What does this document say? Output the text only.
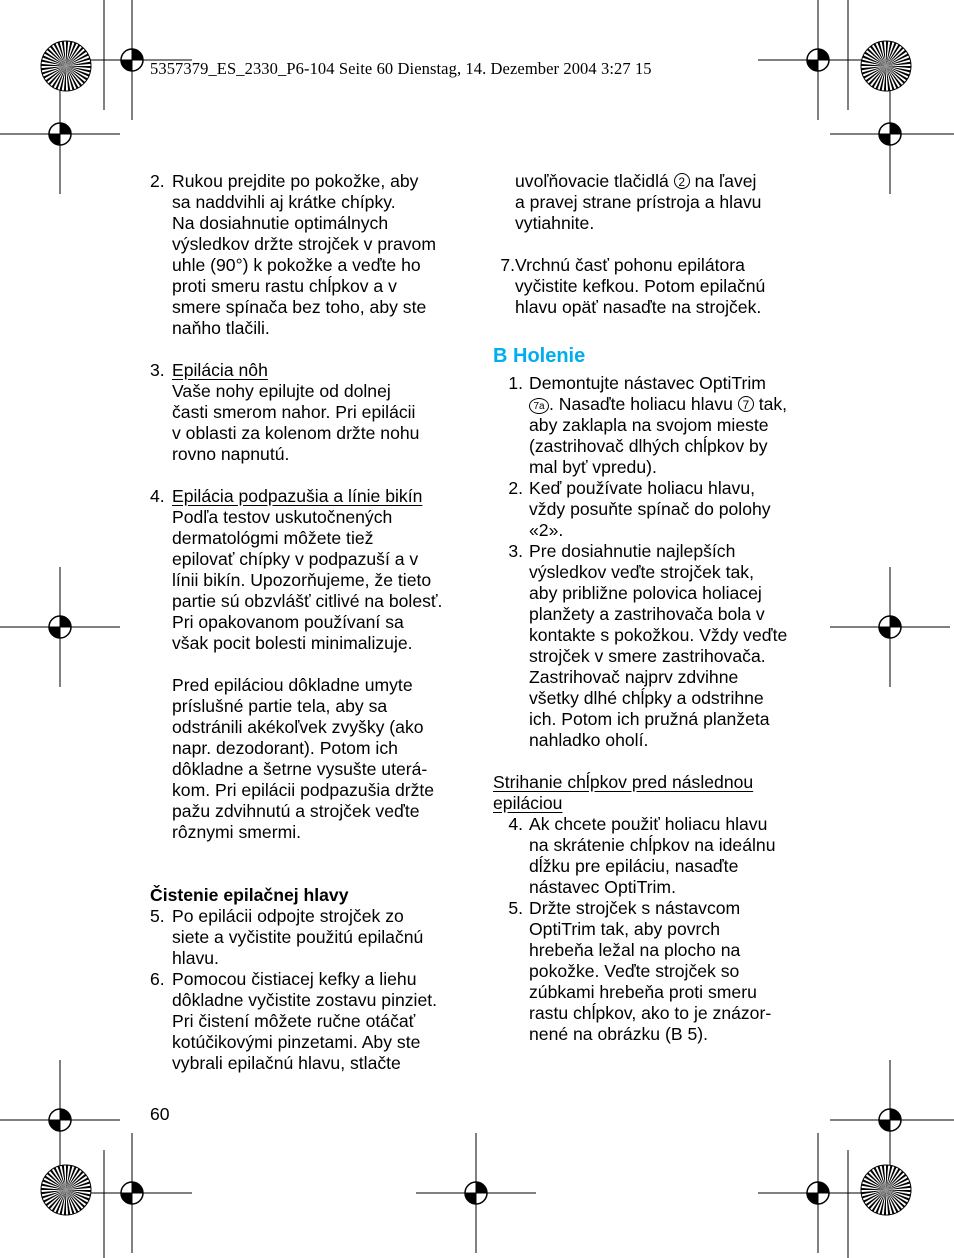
5357379_ES_2330_P6-104 Seite 60 Dienstag, 14. Dezember 2004 3:27 15
2. Rukou prejdite po pokožke, aby
sa naddvihli aj krátke chípky.
Na dosiahnutie optimálnych
výsledkov držte strojček v pravom
uhle (90°) k pokožke a veďte ho
proti smeru rastu chĺpkov a v
smere spínača bez toho, aby ste
naňho tlačili.
3. Epilácia nôh
Vaše nohy epilujte od dolnej
časti smerom nahor. Pri epilácii
v oblasti za kolenom držte nohu
rovno napnutú.
4. Epilácia podpazušia a línie bikín
Podľa testov uskutočnených
dermatológmi môžete tiež
epilovať chípky v podpazuší a v
línii bikín. Upozorňujeme, že tieto
partie sú obzvlášť citlivé na bolesť.
Pri opakovanom používaní sa
však pocit bolesti minimalizuje.
Pred epiláciou dôkladne umyte
príslušné partie tela, aby sa
odstránili akékoľvek zvyšky (ako
napr. dezodorant). Potom ich
dôkladne a šetrne vysušte uterá-
kom. Pri epilácii podpazušia držte
pažu zdvihnutú a strojček veďte
rôznymi smermi.
Čistenie epilačnej hlavy
5. Po epilácii odpojte strojček zo
siete a vyčistite použitú epilačnú
hlavu.
6. Pomocou čistiacej kefky a liehu
dôkladne vyčistite zostavu pinziet.
Pri čistení môžete ručne otáčať
kotúčikovými pinzetami. Aby ste
vybrali epilačnú hlavu, stlačte
uvoľňovacie tlačidlá 2 na ľavej
a pravej strane prístroja a hlavu
vytiahnite.
7. Vrchnú časť pohonu epilátora
vyčistite kefkou. Potom epilačnú
hlavu opäť nasaďte na strojček.
B Holenie
1. Demontujte nástavec OptiTrim
7a . Nasaďte holiacu hlavu 7 tak,
aby zaklapla na svojom mieste
(zastrihovač dlhých chĺpkov by
mal byť vpredu).
2. Keď používate holiacu hlavu,
vždy posuňte spínač do polohy
«2».
3. Pre dosiahnutie najlepších
výsledkov veďte strojček tak,
aby približne polovica holiacej
planžety a zastrihovača bola v
kontakte s pokožkou. Vždy veďte
strojček v smere zastrihovača.
Zastrihovač najprv zdvihne
všetky dlhé chĺpky a odstrihne
ich. Potom ich pružná planžeta
nahladko oholí.
Strihanie chĺpkov pred následnou
epiláciou
4. Ak chcete použiť holiacu hlavu
na skrátenie chĺpkov na ideálnu
dĺžku pre epiláciu, nasaďte
nástavec OptiTrim.
5. Držte strojček s nástavcom
OptiTrim tak, aby povrch
hrebeňa ležal na plocho na
pokožke. Veďte strojček so
zúbkami hrebeňa proti smeru
rastu chĺpkov, ako to je znázor-
nené na obrázku (B 5).
60
